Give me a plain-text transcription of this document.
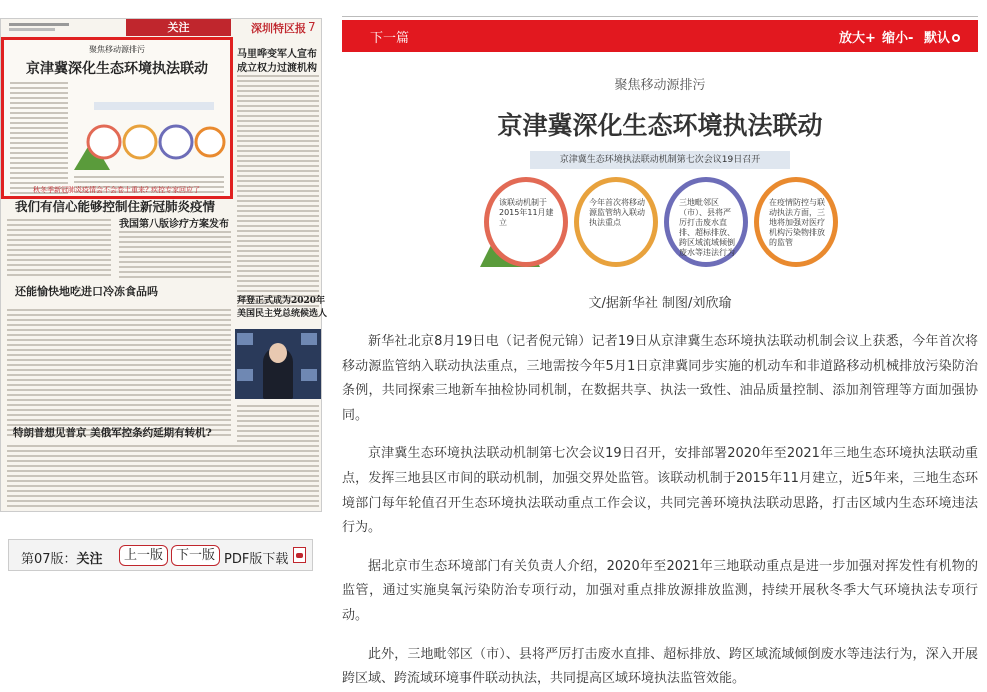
关注	深圳特区报 7
聚焦移动源排污
京津冀深化生态环境执法联动
马里哗变军人宣布
成立权力过渡机构
秋冬季新冠肺炎疫情会不会卷土重来? 疾控专家回应了
我们有信心能够控制住新冠肺炎疫情
我国第八版诊疗方案发布
还能愉快地吃进口冷冻食品吗
拜登正式成为2020年
美国民主党总统候选人
特朗普想见普京 美俄军控条约延期有转机?
第07版：关注	上一版 下一版 PDF版下载
下一篇	放大+ 缩小- 默认
聚焦移动源排污
京津冀深化生态环境执法联动
京津冀生态环境执法联动机制第七次会议19日召开
该联动机制于2015年11月建立
今年首次将移动源监管纳入联动执法重点
三地毗邻区（市）、县将严厉打击废水直排、超标排放、跨区域流域倾倒废水等违法行为
在疫情防控与联动执法方面，三地将加强对医疗机构污染物排放的监管
文/据新华社 制图/刘欣瑜

新华社北京8月19日电（记者倪元锦）记者19日从京津冀生态环境执法联动机制会议上获悉，今年首次将移动源监管纳入联动执法重点，三地需按今年5月1日京津冀同步实施的机动车和非道路移动机械排放污染防治条例，共同探索三地新车抽检协同机制，在数据共享、执法一致性、油品质量控制、添加剂管理等方面加强协同。

京津冀生态环境执法联动机制第七次会议19日召开，安排部署2020年至2021年三地生态环境执法联动重点，发挥三地县区市间的联动机制，加强交界处监管。该联动机制于2015年11月建立，近5年来，三地生态环境部门每年轮值召开生态环境执法联动重点工作会议，共同完善环境执法联动思路，打击区域内生态环境违法行为。

据北京市生态环境部门有关负责人介绍，2020年至2021年三地联动重点是进一步加强对挥发性有机物的监管，通过实施臭氧污染防治专项行动，加强对重点排放源排放监测，持续开展秋冬季大气环境执法专项行动。

此外，三地毗邻区（市）、县将严厉打击废水直排、超标排放、跨区域流域倾倒废水等违法行为，深入开展跨区域、跨流域环境事件联动执法，共同提高区域环境执法监管效能。
